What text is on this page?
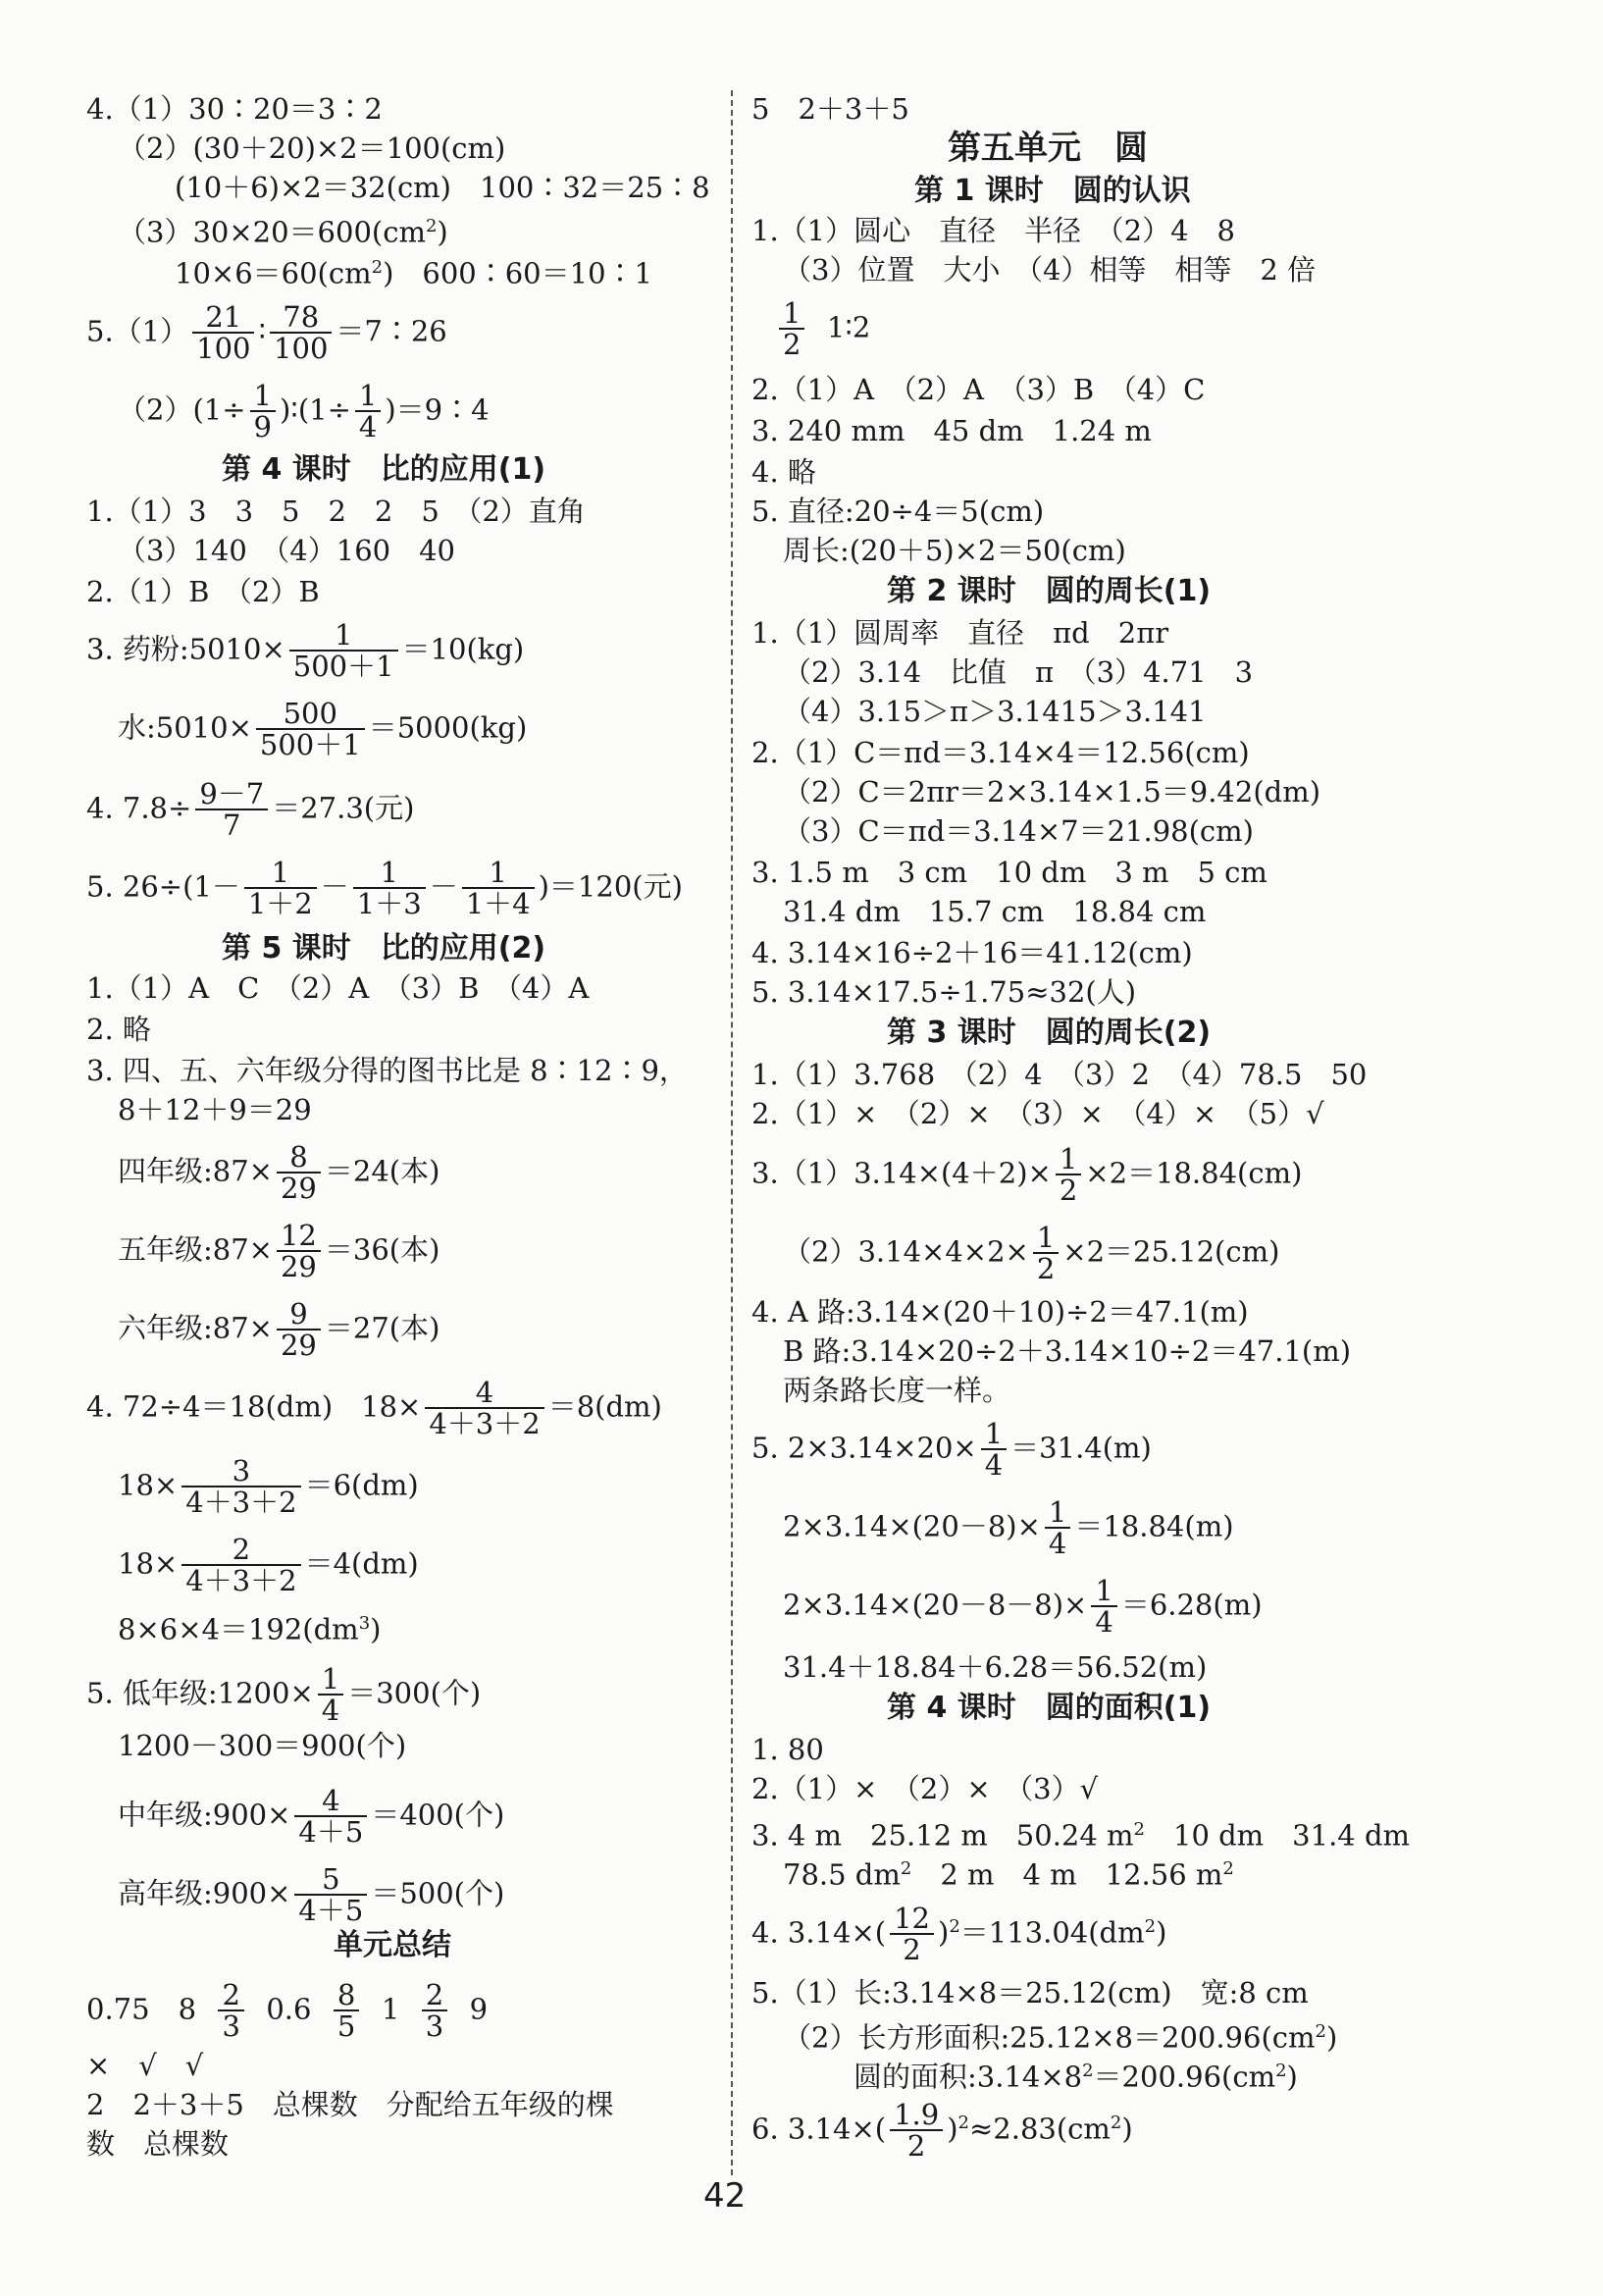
4.（1）30∶20＝3∶2
（2）(30＋20)×2＝100(cm)
(10＋6)×2＝32(cm)　100∶32＝25∶8
$(3)30\times 20=600(cm^2)$
$10\times 6=60(cm^2)$　600∶60＝10∶1
$5.(1) \frac{21}{100}$ ∶ $\frac{78}{100}$ ＝7∶26
$(2)(1\div \frac{1}{9}$ )∶(1÷ $\frac{1}{4}$ )＝9∶4
第 4 课时　比的应用(1)
1.（1）3　3　5　2　2　5　（2）直角
（3）140　（4）160　40
2.（1）B　（2）B
3. 药粉:5010× $\frac{1}{500+1} =10(kg)$
水:5010× $\frac{500}{500+1} =5000(kg)$
4. $7.8\div \frac{9-7}{7} =27.3$(元)
5. $26\div(1- \frac{1}{1+2} - \frac{1}{1+3} - \frac{1}{1+4} )=120$(元)
第 5 课时　比的应用(2)
1.（1）A　C　（2）A　（3）B　（4）A
2. 略
3. 四、五、六年级分得的图书比是 8∶12∶9，
8＋12＋9＝29
四年级:87× $\frac{8}{29} =24$(本)
五年级:87× $\frac{12}{29} =36$(本)
六年级:87× $\frac{9}{29} =27$(本)
4. 72÷4＝18(dm)　$18\times \frac{4}{4+3+2} =8(dm)$
$18\times \frac{3}{4+3+2} =6(dm)$
$18\times \frac{2}{4+3+2} =4(dm)$
$8\times 6\times 4=192(dm^3)$
5. 低年级:1200× $\frac{1}{4} =300$(个)
1200－300＝900(个)
中年级:900× $\frac{4}{4+5} =400$(个)
高年级:900× $\frac{5}{4+5} =500$(个)
单元总结
0.75　$8 \frac{2}{3} 0.6 \frac{8}{5} 1 \frac{2}{3} 9$
×　√　√
2　2＋3＋5　总棵数　分配给五年级的棵
数　总棵数
5　2＋3＋5
第五单元　圆
第 1 课时　圆的认识
1.（1）圆心　直径　半径　（2）4　8
（3）位置　大小　（4）相等　相等　2 倍
$\frac{1}{2}$ 1∶2
2.（1）A　（2）A　（3）B　（4）C
3. 240 mm　45 dm　1.24 m
4. 略
5. 直径:20÷4＝5(cm)
周长:(20＋5)×2＝50(cm)
第 2 课时　圆的周长(1)
1.（1）圆周率　直径　πd　2πr
（2）3.14　比值　π　（3）4.71　3
（4）3.15＞π＞3.1415＞3.141
2.（1）C＝πd＝3.14×4＝12.56(cm)
（2）C＝2πr＝2×3.14×1.5＝9.42(dm)
（3）C＝πd＝3.14×7＝21.98(cm)
3. 1.5 m　3 cm　10 dm　3 m　5 cm
31.4 dm　15.7 cm　18.84 cm
4. 3.14×16÷2＋16＝41.12(cm)
5. 3.14×17.5÷1.75≈32(人)
第 3 课时　圆的周长(2)
1.（1）3.768　（2）4　（3）2　（4）78.5　50
2.（1）×　（2）×　（3）×　（4）×　（5）√
$3.(1)3.14\times(4+2)\times \frac{1}{2} \times 2=18.84(cm)$
$(2)3.14\times 4\times 2\times \frac{1}{2} \times 2=25.12(cm)$
4. A 路:3.14×(20＋10)÷2＝47.1(m)
B 路:3.14×20÷2＋3.14×10÷2＝47.1(m)
两条路长度一样。
5. $2\times 3.14\times 20\times \frac{1}{4} =31.4(m)$
$2\times 3.14\times(20-8)\times \frac{1}{4} =18.84(m)$
$2\times 3.14\times(20-8-8)\times \frac{1}{4} =6.28(m)$
31.4＋18.84＋6.28＝56.52(m)
第 4 课时　圆的面积(1)
1. 80
2.（1）×　（2）×　（3）√
3. 4 m　25.12 m　50.24 $m^2$　10 dm　31.4 dm
78.5 $dm^2$　2 m　4 m　12.56 $m^2$
4. $3.14\times( \frac{12}{2} )^2=113.04(dm^2)$
5.（1）长:3.14×8＝25.12(cm)　宽:8 cm
（2）长方形面积$:25.12\times 8=200.96(cm^2)$
圆的面积$:3.14\times 8^2=200.96(cm^2)$
6. $3.14\times( \frac{1.9}{2} )^2\approx 2.83(cm^2)$
42
